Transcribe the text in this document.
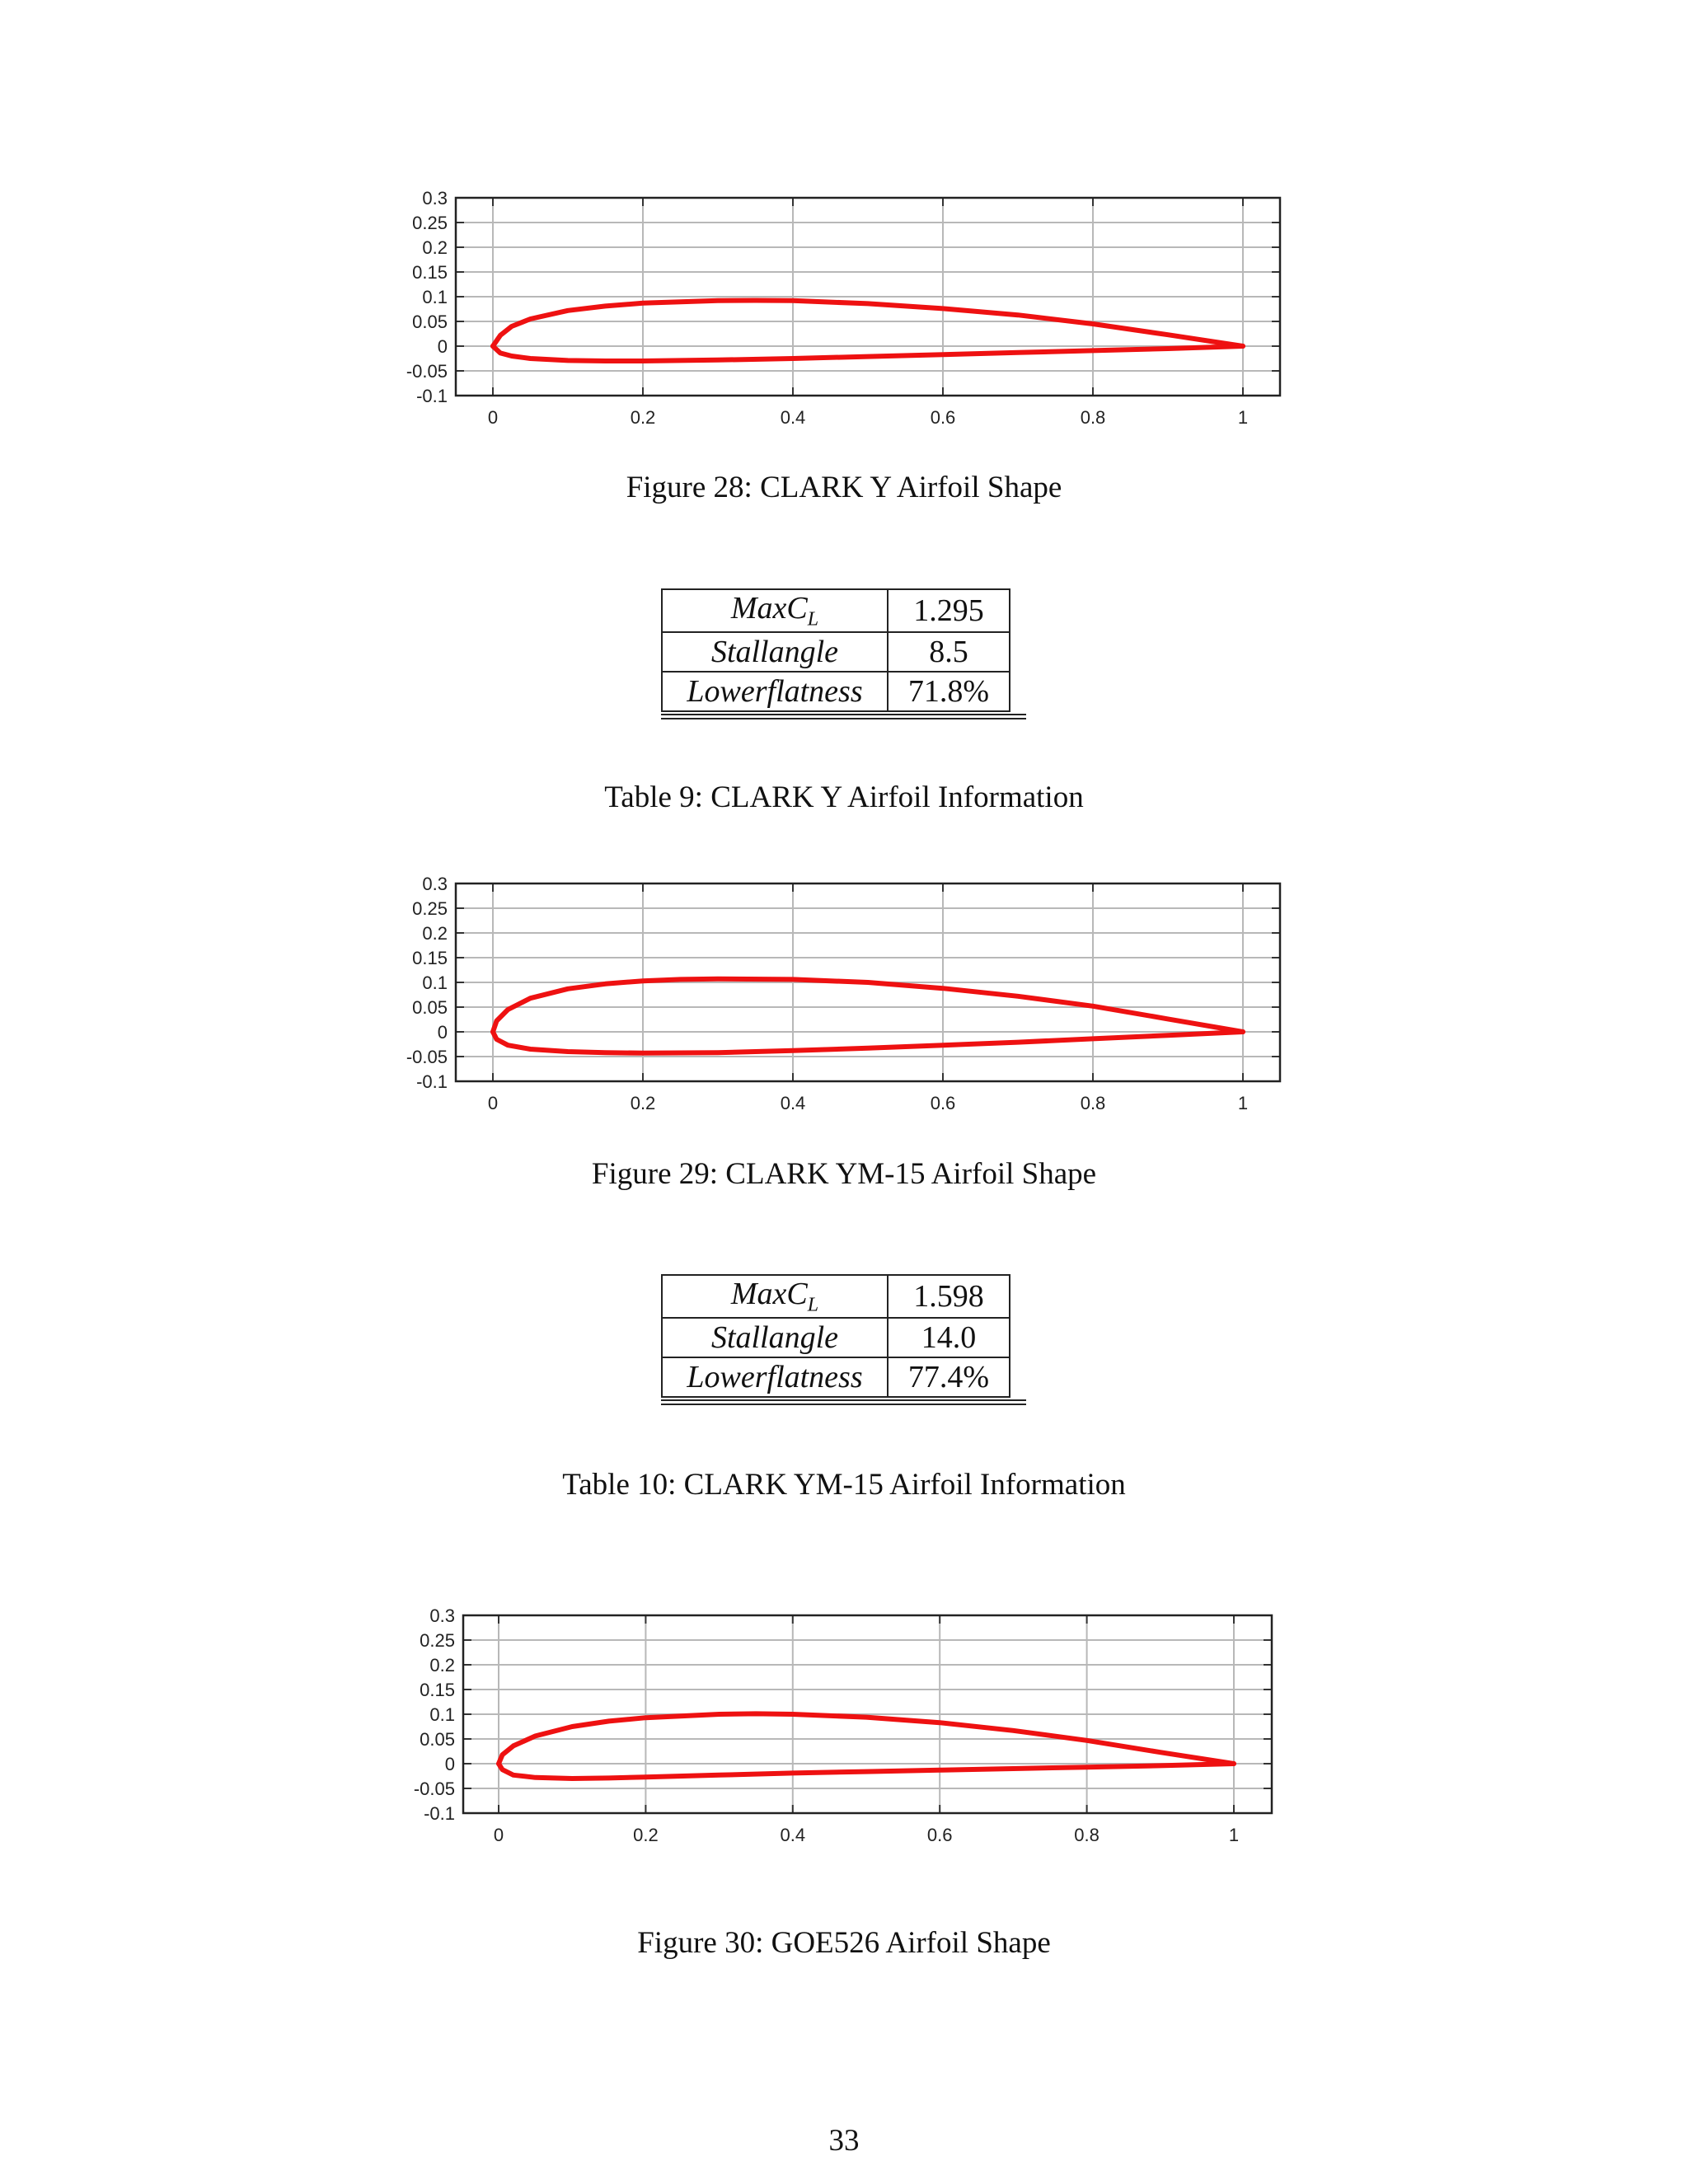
0.3
0.25
0.2
0.15
0.1
0.05
0
-0.05
-0.1
0	0.2	0.4	0.6	0.8	1
Figure 28: CLARK Y Airfoil Shape
MaxC$_L$	1.295
Stallangle	8.5
Lowerflatness	71.8%
Table 9: CLARK Y Airfoil Information
0.3
0.25
0.2
0.15
0.1
0.05
0
-0.05
-0.1
0	0.2	0.4	0.6	0.8	1
Figure 29: CLARK YM-15 Airfoil Shape
MaxC$_L$	1.598
Stallangle	14.0
Lowerflatness	77.4%
Table 10: CLARK YM-15 Airfoil Information
0.3
0.25
0.2
0.15
0.1
0.05
0
-0.05
-0.1
0	0.2	0.4	0.6	0.8	1
Figure 30: GOE526 Airfoil Shape
33
